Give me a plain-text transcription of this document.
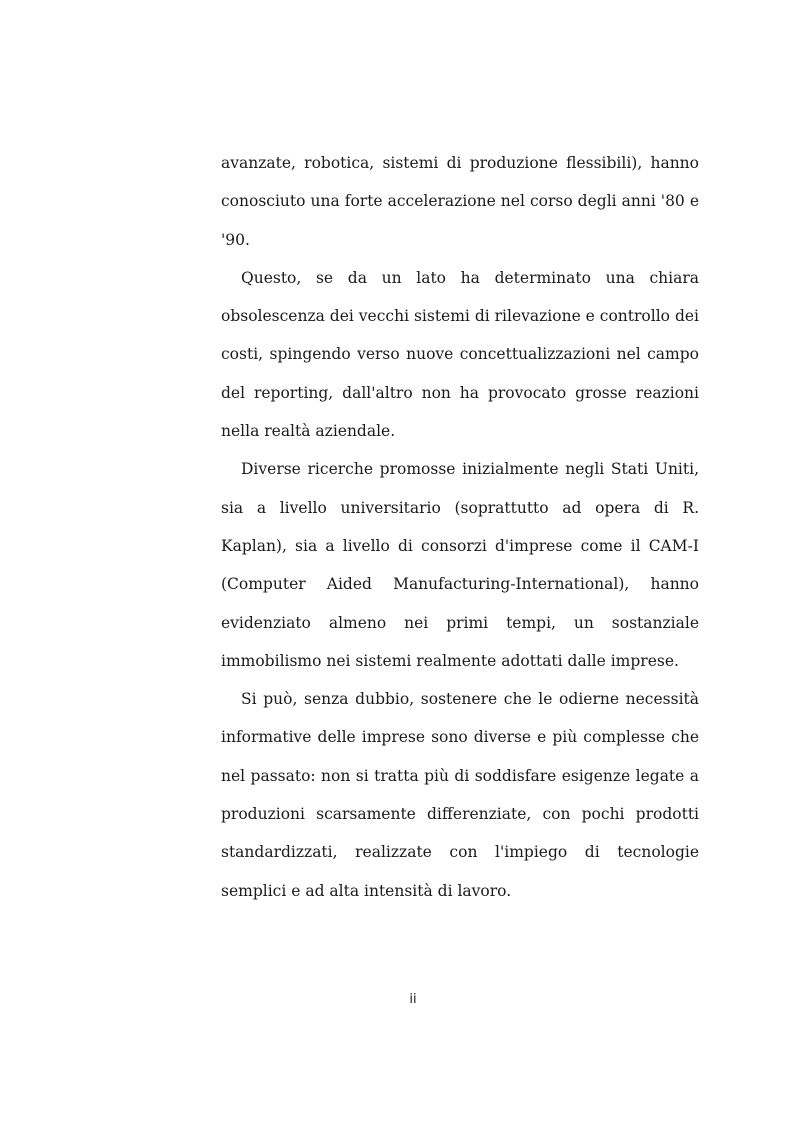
avanzate, robotica, sistemi di produzione flessibili), hanno conosciuto una forte accelerazione nel corso degli anni '80 e '90.

Questo, se da un lato ha determinato una chiara obsolescenza dei vecchi sistemi di rilevazione e controllo dei costi, spingendo verso nuove concettualizzazioni nel campo del reporting, dall'altro non ha provocato grosse reazioni nella realtà aziendale.

Diverse ricerche promosse inizialmente negli Stati Uniti, sia a livello universitario (soprattutto ad opera di R. Kaplan), sia a livello di consorzi d'imprese come il CAM-I (Computer Aided Manufacturing-International), hanno evidenziato almeno nei primi tempi, un sostanziale immobilismo nei sistemi realmente adottati dalle imprese.

Si può, senza dubbio, sostenere che le odierne necessità informative delle imprese sono diverse e più complesse che nel passato: non si tratta più di soddisfare esigenze legate a produzioni scarsamente differenziate, con pochi prodotti standardizzati, realizzate con l'impiego di tecnologie semplici e ad alta intensità di lavoro.

ii
